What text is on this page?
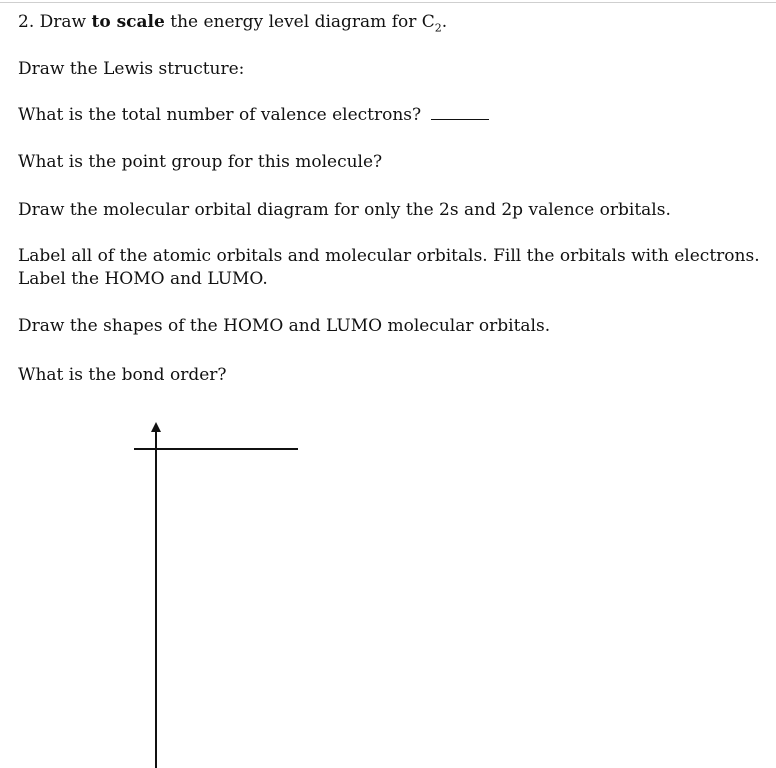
2. Draw to scale the energy level diagram for $C_2$.
Draw the Lewis structure:
What is the total number of valence electrons?
What is the point group for this molecule?
Draw the molecular orbital diagram for only the 2s and 2p valence orbitals.
Label all of the atomic orbitals and molecular orbitals. Fill the orbitals with electrons.
Label the HOMO and LUMO.
Draw the shapes of the HOMO and LUMO molecular orbitals.
What is the bond order?
